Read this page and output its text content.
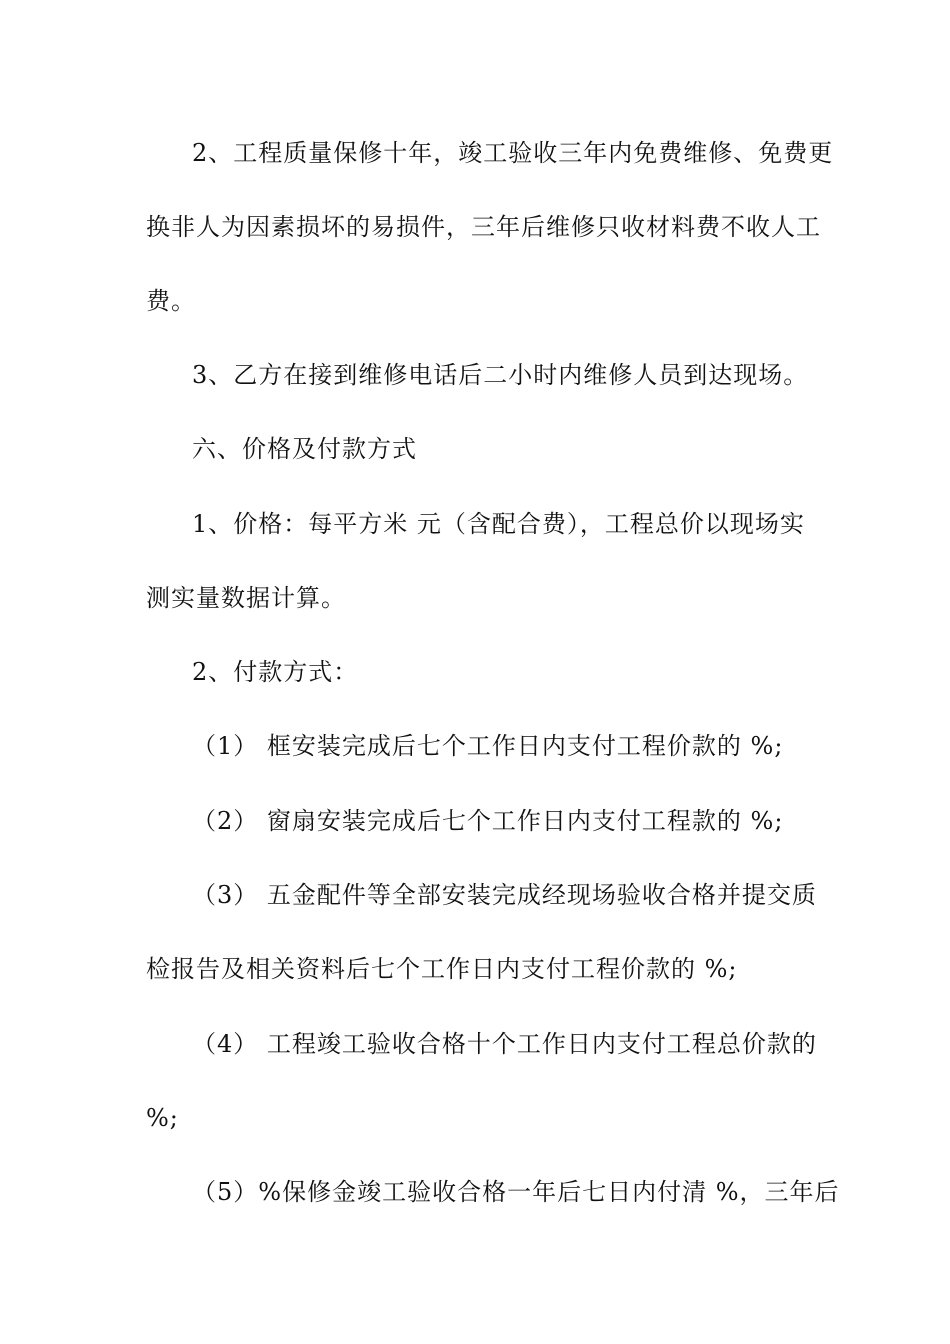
2、工程质量保修十年，竣工验收三年内免费维修、免费更
换非人为因素损坏的易损件，三年后维修只收材料费不收人工
费。
3、乙方在接到维修电话后二小时内维修人员到达现场。
六、价格及付款方式
1、价格：每平方米 元（含配合费），工程总价以现场实
测实量数据计算。
2、付款方式：
（1） 框安装完成后七个工作日内支付工程价款的 %;
（2） 窗扇安装完成后七个工作日内支付工程款的 %;
（3） 五金配件等全部安装完成经现场验收合格并提交质
检报告及相关资料后七个工作日内支付工程价款的 %;
（4） 工程竣工验收合格十个工作日内支付工程总价款的
%;
（5）%保修金竣工验收合格一年后七日内付清 %，三年后
